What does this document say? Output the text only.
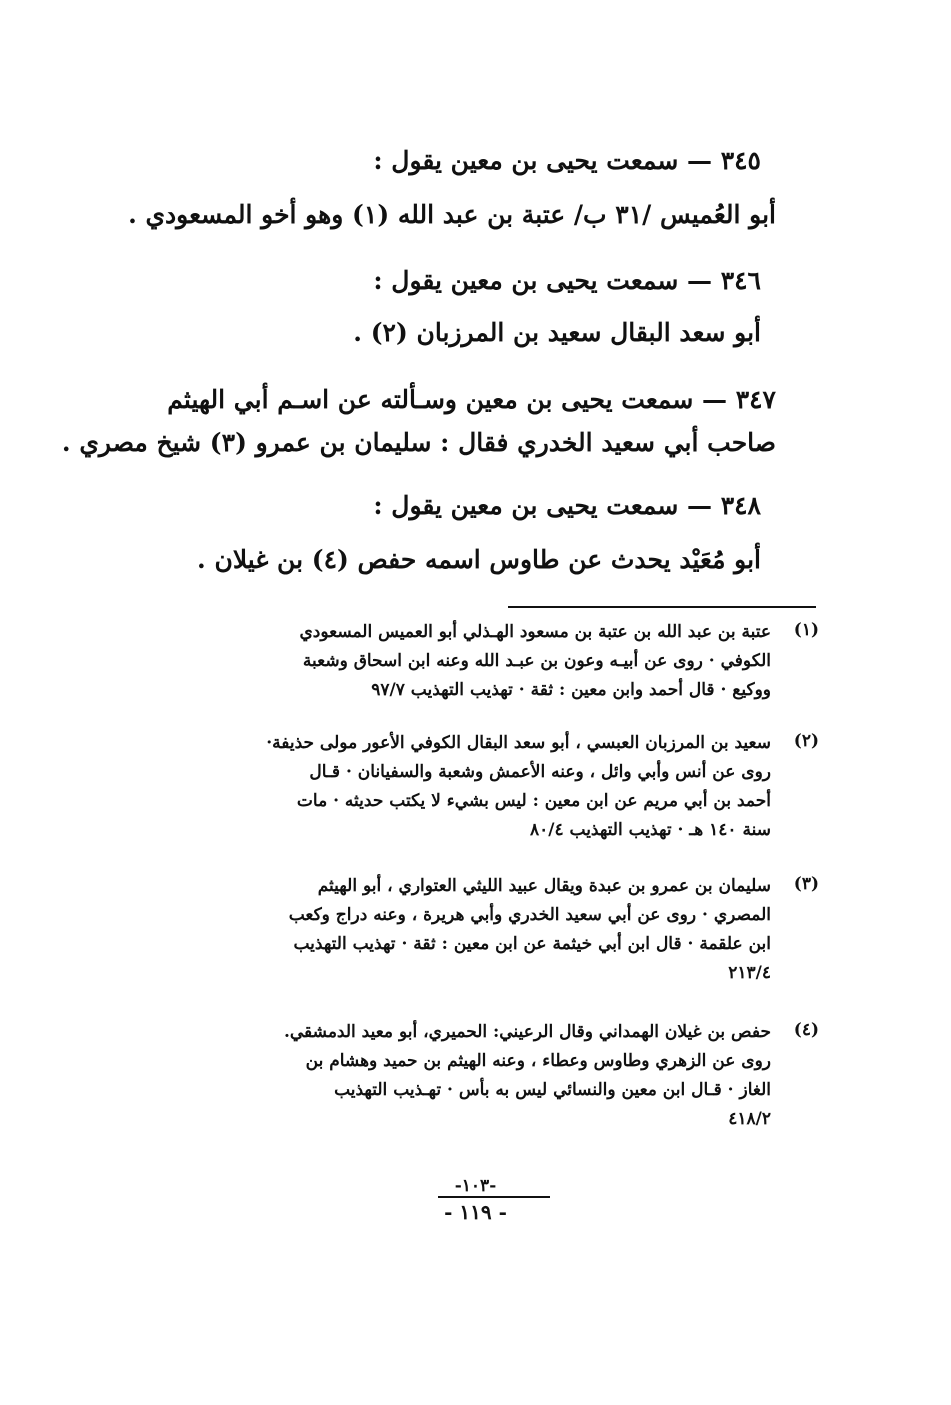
٣٤٥ — سمعت يحيى بن معين يقول :
أبو العُميس /٣١ ب/ عتبة بن عبد الله (١) وهو أخو المسعودي .
٣٤٦ — سمعت يحيى بن معين يقول :
أبو سعد البقال سعيد بن المرزبان (٢) .
٣٤٧ — سمعت يحيى بن معين وسـألته عن اسـم أبي الهيثم
صاحب أبي سعيد الخدري فقال : سليمان بن عمرو (٣) شيخ مصري .
٣٤٨ — سمعت يحيى بن معين يقول :
أبو مُعَيْد يحدث عن طاوس اسمه حفص (٤) بن غيلان .
(١)
عتبة بن عبد الله بن عتبة بن مسعود الهـذلي أبو العميس المسعودي
الكوفي · روى عن أبيـه وعون بن عبـد الله وعنه ابن اسحاق وشعبة
ووكيع · قال أحمد وابن معين : ثقة · تهذيب التهذيب ٩٧/٧
(٢)
سعيد بن المرزبان العبسي ، أبو سعد البقال الكوفي الأعور مولى حذيفة·
روى عن أنس وأبي وائل ، وعنه الأعمش وشعبة والسفيانان · قـال
أحمد بن أبي مريم عن ابن معين : ليس بشيء لا يكتب حديثه · مات
سنة ١٤٠ هـ · تهذيب التهذيب ٨٠/٤
(٣)
سليمان بن عمرو بن عبدة ويقال عبيد الليثي العتواري ، أبو الهيثم
المصري · روى عن أبي سعيد الخدري وأبي هريرة ، وعنه دراج وكعب
ابن علقمة · قال ابن أبي خيثمة عن ابن معين : ثقة · تهذيب التهذيب
٢١٣/٤
(٤)
حفص بن غيلان الهمداني وقال الرعيني: الحميري، أبو معيد الدمشقي.
روى عن الزهري وطاوس وعطاء ، وعنه الهيثم بن حميد وهشام بن
الغاز · قـال ابن معين والنسائي ليس به بأس · تهـذيب التهذيب
٤١٨/٢
-١٠٣-
- ١١٩ -
